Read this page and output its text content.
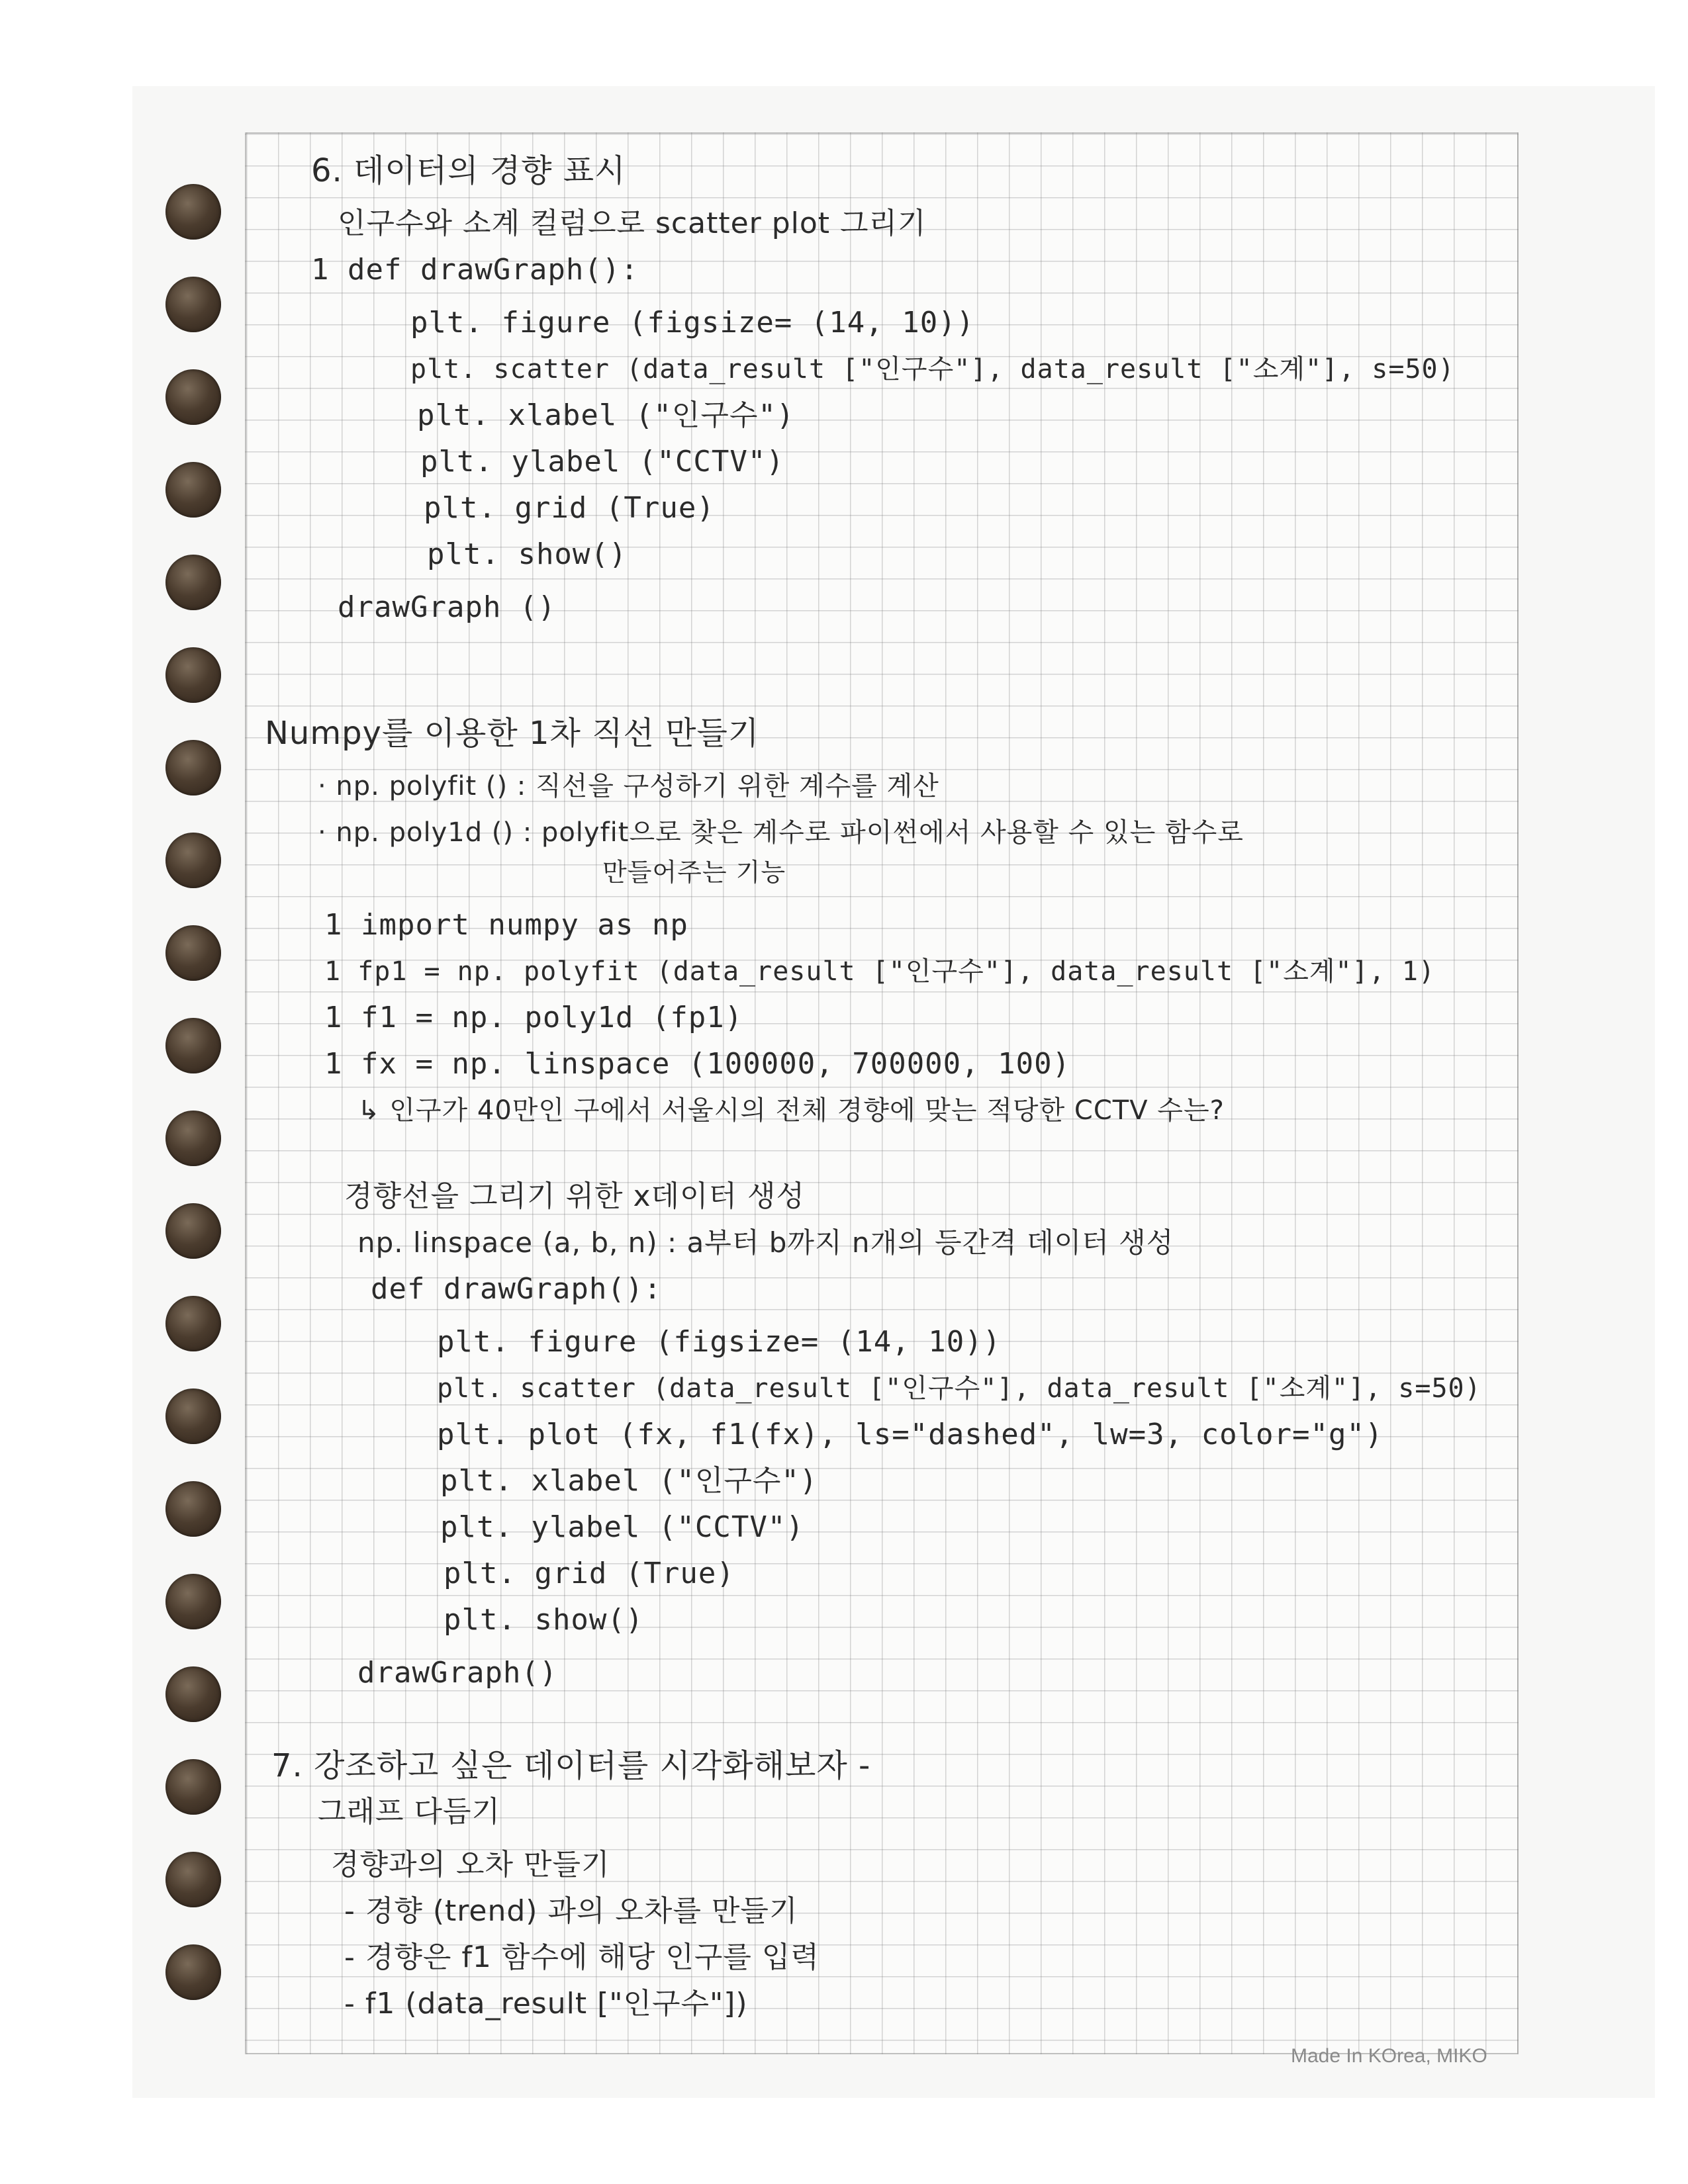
6. 데이터의 경향 표시
인구수와 소계 컬럼으로 scatter plot 그리기
1 def drawGraph():
plt. figure (figsize= (14, 10))
plt. scatter (data_result ["인구수"], data_result ["소계"], s=50)
plt. xlabel ("인구수")
plt. ylabel ("CCTV")
plt. grid (True)
plt. show()
drawGraph ()
Numpy를 이용한 1차 직선 만들기
· np. polyfit () : 직선을 구성하기 위한 계수를 계산
· np. poly1d () : polyfit으로 찾은 계수로 파이썬에서 사용할 수 있는 함수로
만들어주는 기능
1 import numpy as np
1 fp1 = np. polyfit (data_result ["인구수"], data_result ["소계"], 1)
1 f1 = np. poly1d (fp1)
1 fx = np. linspace (100000, 700000, 100)
↳ 인구가 40만인 구에서 서울시의 전체 경향에 맞는 적당한 CCTV 수는?
경향선을 그리기 위한 x데이터 생성
np. linspace (a, b, n) : a부터 b까지 n개의 등간격 데이터 생성
def drawGraph():
plt. figure (figsize= (14, 10))
plt. scatter (data_result ["인구수"], data_result ["소계"], s=50)
plt. plot (fx, f1(fx), ls="dashed", lw=3, color="g")
plt. xlabel ("인구수")
plt. ylabel ("CCTV")
plt. grid (True)
plt. show()
drawGraph()
7. 강조하고 싶은 데이터를 시각화해보자 -
그래프 다듬기
경향과의 오차 만들기
- 경향 (trend) 과의 오차를 만들기
- 경향은 f1 함수에 해당 인구를 입력
- f1 (data_result ["인구수"])
Made In KOrea, MIKO
